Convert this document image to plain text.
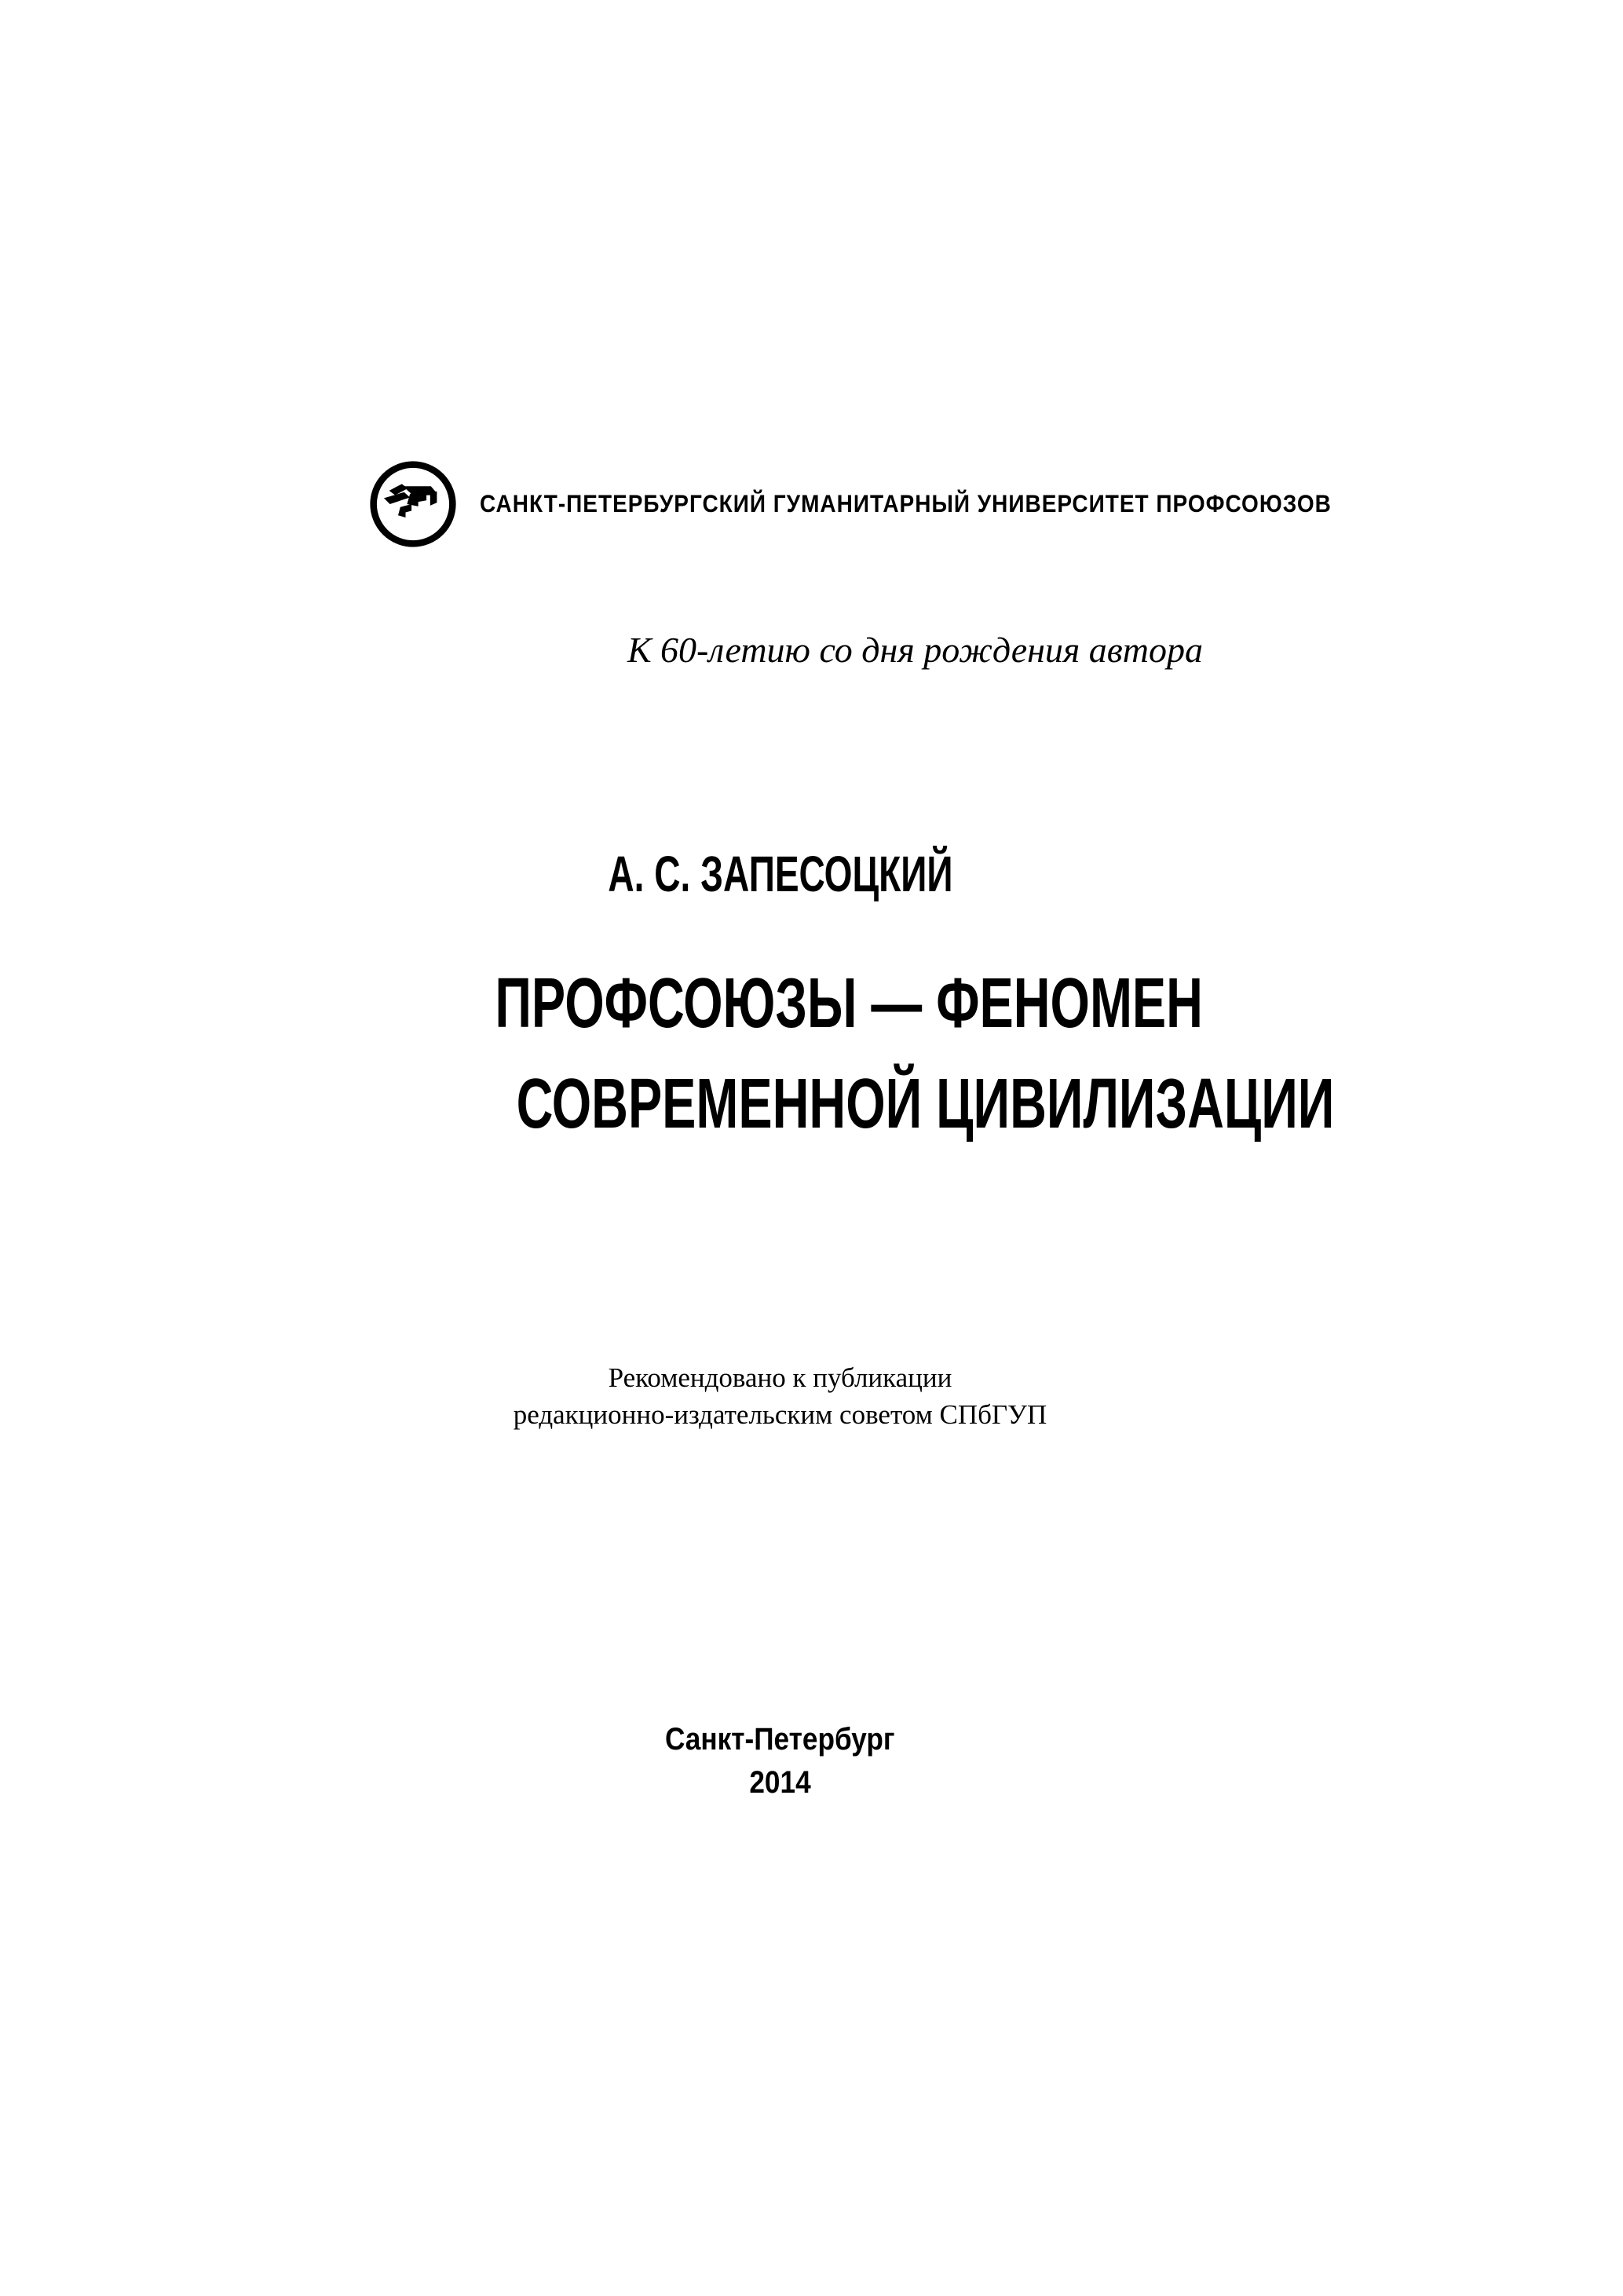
САНКТ-ПЕТЕРБУРГСКИЙ ГУМАНИТАРНЫЙ УНИВЕРСИТЕТ ПРОФСОЮЗОВ
К 60-летию со дня рождения автора
А. С. ЗАПЕСОЦКИЙ
ПРОФСОЮЗЫ — ФЕНОМЕН
СОВРЕМЕННОЙ ЦИВИЛИЗАЦИИ
Рекомендовано к публикации
редакционно-издательским советом СПбГУП
Санкт-Петербург
2014
